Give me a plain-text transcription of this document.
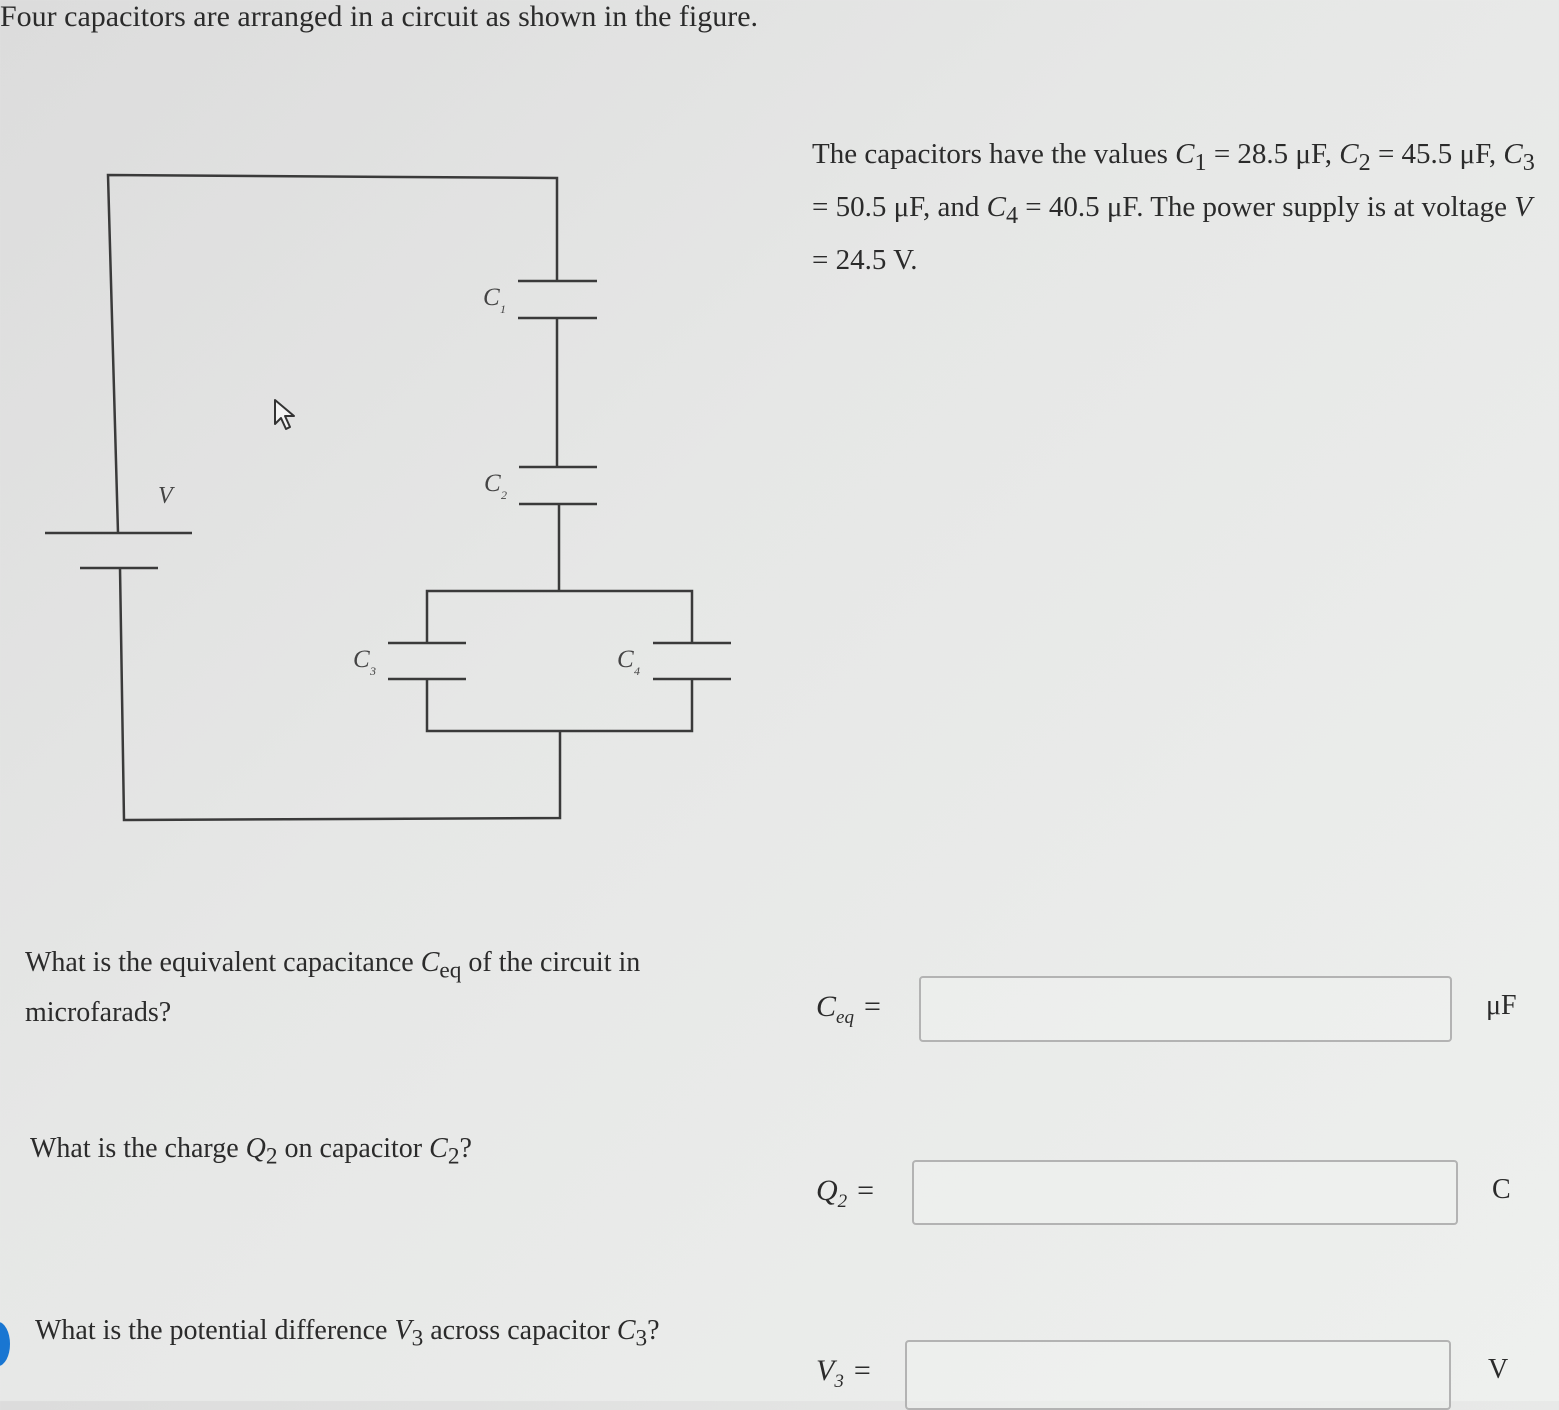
Four capacitors are arranged in a circuit as shown in the figure.
C 1
C 2
C 3	C 4
V
The capacitors have the values $C_1 = 28.5$ μF, $C_2 = 45.5$ μF, $C_3 = 50.5$ μF, and $C_4 = 40.5$ μF. The power supply is at voltage V = 24.5 V.
What is the equivalent capacitance $C_{eq}$ of the circuit in microfarads?	$C_{eq}$ =	μF
What is the charge $Q_2$ on capacitor $C_2$?
$Q_2$ =	C
What is the potential difference $V_3$ across capacitor $C_3$?
$V_3$ =	V
